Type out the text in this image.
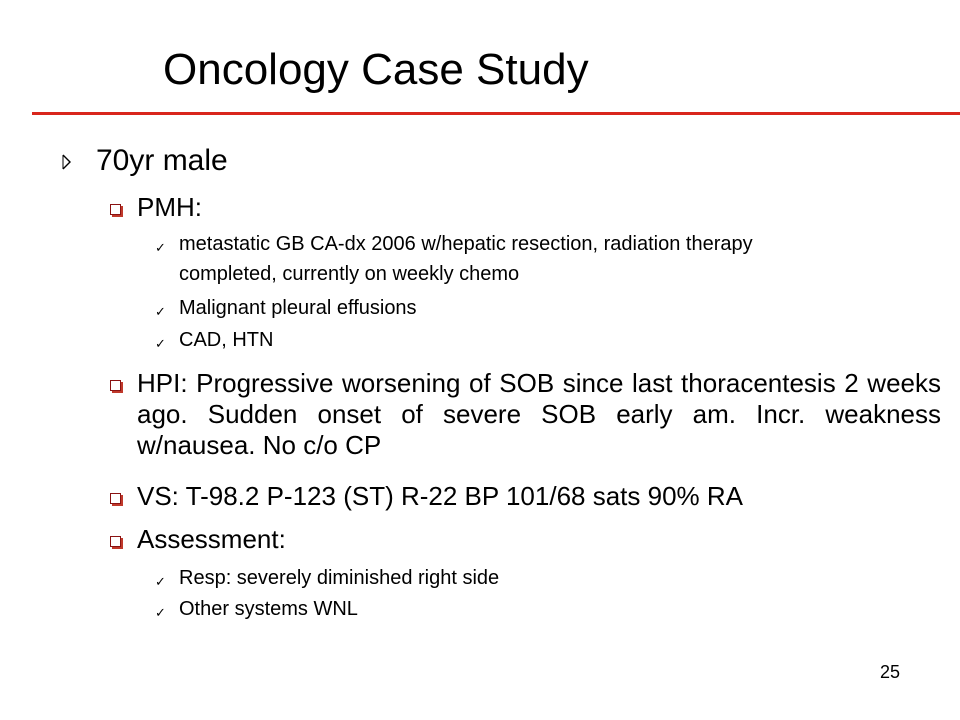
Oncology Case Study
70yr male
PMH:
✓ metastatic GB CA-dx 2006 w/hepatic resection, radiation therapy
completed, currently on weekly chemo
✓ Malignant pleural effusions
✓ CAD, HTN
HPI: Progressive worsening of SOB since last thoracentesis 2 weeks ago. Sudden onset of severe SOB early am. Incr. weakness w/nausea. No c/o CP
VS: T-98.2 P-123 (ST) R-22 BP 101/68 sats 90% RA
Assessment:
✓ Resp: severely diminished right side
✓ Other systems WNL
25
